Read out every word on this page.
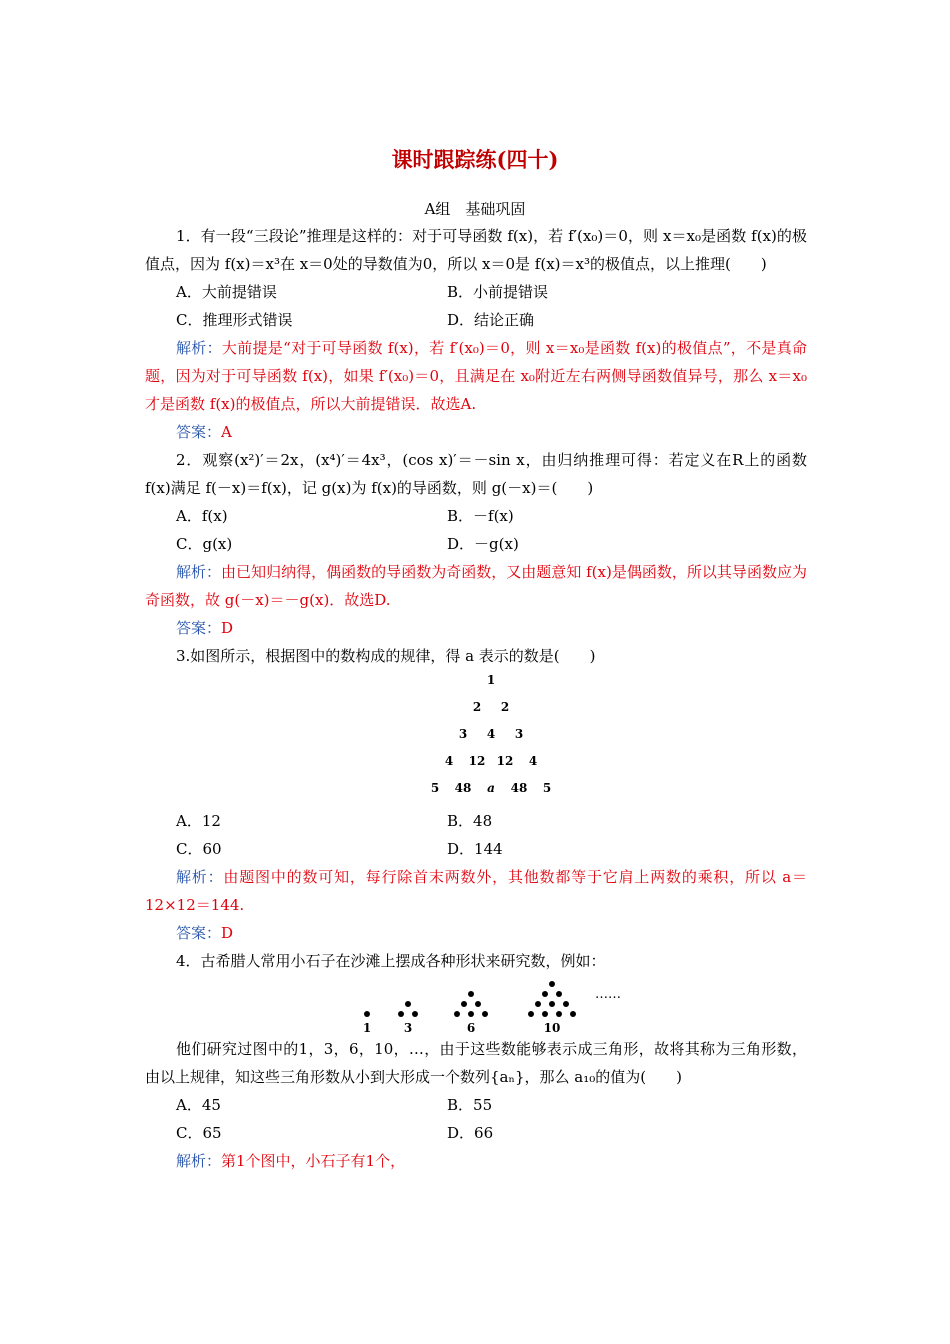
课时跟踪练(四十)
A组　基础巩固

1．有一段“三段论”推理是这样的：对于可导函数 f(x)，若 f′(x₀)＝0，则 x＝x₀是函数 f(x)的极值点，因为 f(x)＝x³在 x＝0处的导数值为0，所以 x＝0是 f(x)＝x³的极值点，以上推理(　　)

A．大前提错误	B．小前提错误
C．推理形式错误	D．结论正确

解析：大前提是“对于可导函数 f(x)，若 f′(x₀)＝0，则 x＝x₀是函数 f(x)的极值点”，不是真命题，因为对于可导函数 f(x)，如果 f′(x₀)＝0，且满足在 x₀附近左右两侧导函数值异号，那么 x＝x₀才是函数 f(x)的极值点，所以大前提错误．故选A.

答案：A

2．观察(x²)′＝2x，(x⁴)′＝4x³，(cos x)′＝－sin x，由归纳推理可得：若定义在R上的函数 f(x)满足 f(－x)＝f(x)，记 g(x)为 f(x)的导函数，则 g(－x)＝(　　)

A．f(x)	B．－f(x)
C．g(x)	D．－g(x)

解析：由已知归纳得，偶函数的导函数为奇函数，又由题意知 f(x)是偶函数，所以其导函数应为奇函数，故 g(－x)＝－g(x)．故选D.

答案：D

3.如图所示，根据图中的数构成的规律，得 a 表示的数是(　　)

1
2 2
3 4 3
4 12 12 4
5 48 a 48 5
A．12	B．48
C．60	D．144

解析：由题图中的数可知，每行除首末两数外，其他数都等于它肩上两数的乘积，所以 a＝12×12＝144.

答案：D

4．古希腊人常用小石子在沙滩上摆成各种形状来研究数，例如：

……
1	3	6	10

他们研究过图中的1，3，6，10，…，由于这些数能够表示成三角形，故将其称为三角形数，由以上规律，知这些三角形数从小到大形成一个数列{aₙ}，那么 a₁₀的值为(　　)

A．45	B．55
C．65	D．66

解析：第1个图中，小石子有1个，
